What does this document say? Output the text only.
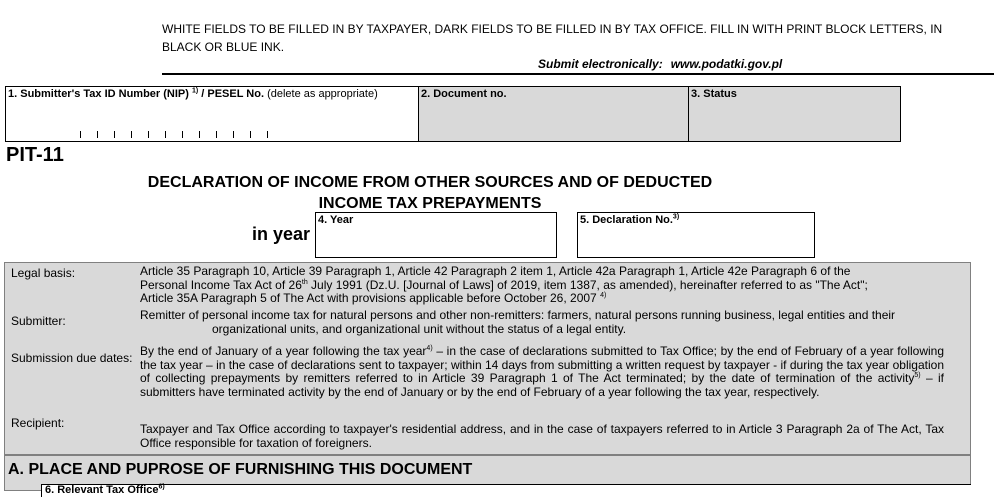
WHITE FIELDS TO BE FILLED IN BY TAXPAYER, DARK FIELDS TO BE FILLED IN BY TAX OFFICE. FILL IN WITH PRINT BLOCK LETTERS, IN BLACK OR BLUE INK.
Submit electronically: www.podatki.gov.pl
1. Submitter's Tax ID Number (NIP) $^{1)}$ / PESEL No. (delete as appropriate)	2. Document no.	3. Status
PIT-11
DECLARATION OF INCOME FROM OTHER SOURCES AND OF DEDUCTED
INCOME TAX PREPAYMENTS
in year
4. Year	5. Declaration No.$^{3)}$
Legal basis:	Article 35 Paragraph 10, Article 39 Paragraph 1, Article 42 Paragraph 2 item 1, Article 42a Paragraph 1, Article 42e Paragraph 6 of the
Personal Income Tax Act of 26th July 1991 (Dz.U. [Journal of Laws] of 2019, item 1387, as amended), hereinafter referred to as "The Act";
Article 35A Paragraph 5 of The Act with provisions applicable before October 26, 2007 $^{4)}$
Submitter:	Remitter of personal income tax for natural persons and other non-remitters: farmers, natural persons running business, legal entities and their
organizational units, and organizational unit without the status of a legal entity.
Submission due dates: By the end of January of a year following the tax year$^{4)}$ – in the case of declarations submitted to Tax Office; by the end of February of a year following the tax year – in the case of declarations sent to taxpayer; within 14 days from submitting a written request by taxpayer - if during the tax year obligation of collecting prepayments by remitters referred to in Article 39 Paragraph 1 of The Act terminated; by the date of termination of the activity$^{5)}$ – if submitters have terminated activity by the end of January or by the end of February of a year following the tax year, respectively.
Recipient:	Taxpayer and Tax Office according to taxpayer's residential address, and in the case of taxpayers referred to in Article 3 Paragraph 2a of The Act, Tax Office responsible for taxation of foreigners.
A. PLACE AND PUPROSE OF FURNISHING THIS DOCUMENT
6. Relevant Tax Office$^{6)}$
